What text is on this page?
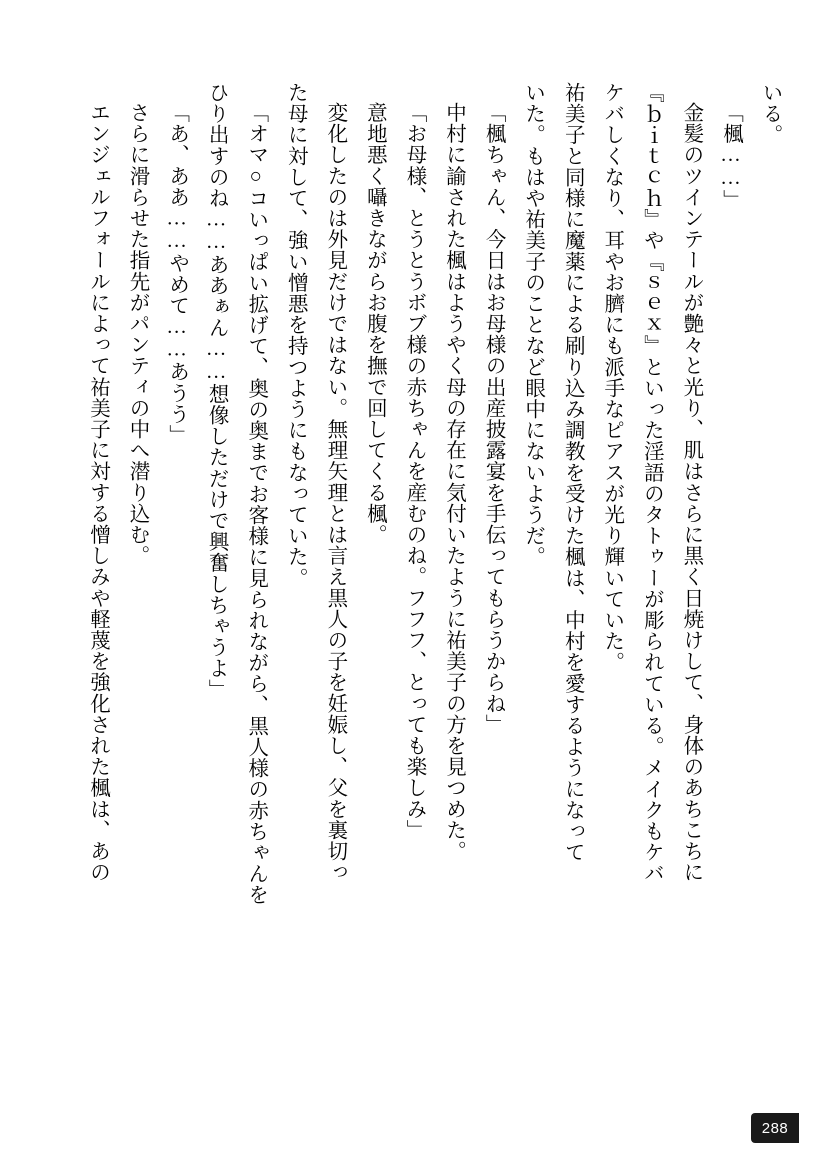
いる。

「楓……」

金髪のツインテールが艶々と光り、肌はさらに黒く日焼けして、身体のあちこちに

『ｂｉｔｃｈ』や『ｓｅｘ』といった淫語のタトゥーが彫られている。メイクもケバ

ケバしくなり、耳やお臍にも派手なピアスが光り輝いていた。

祐美子と同様に魔薬による刷り込み調教を受けた楓は、中村を愛するようになって

いた。もはや祐美子のことなど眼中にないようだ。

「楓ちゃん、今日はお母様の出産披露宴を手伝ってもらうからね」

中村に諭された楓はようやく母の存在に気付いたように祐美子の方を見つめた。

「お母様、とうとうボブ様の赤ちゃんを産むのね。フフフ、とっても楽しみ」

意地悪く囁きながらお腹を撫で回してくる楓。

変化したのは外見だけではない。無理矢理とは言え黒人の子を妊娠し、父を裏切っ

た母に対して、強い憎悪を持つようにもなっていた。

「オマ○コいっぱい拡げて、奥の奥までお客様に見られながら、黒人様の赤ちゃんを

ひり出すのね……ああぁん……想像しただけで興奮しちゃうよ」

「あ、ああ……やめて……あうう」

さらに滑らせた指先がパンティの中へ潜り込む。

エンジェルフォールによって祐美子に対する憎しみや軽蔑を強化された楓は、あの

288
